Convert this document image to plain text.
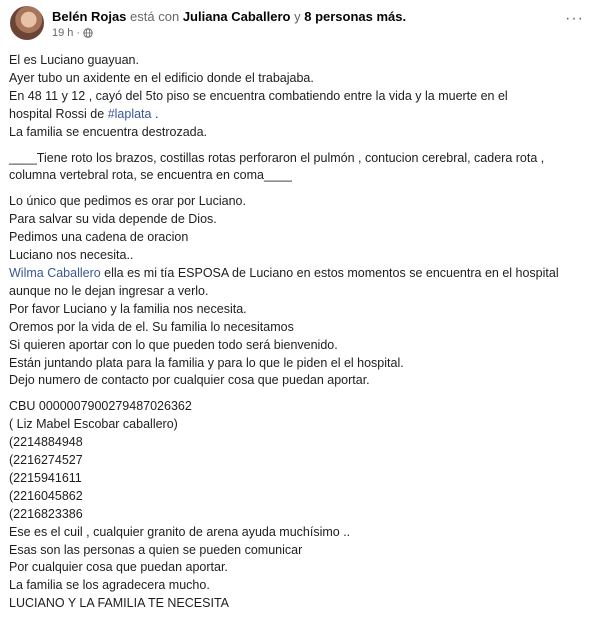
Belén Rojas está con Juliana Caballero y 8 personas más.
19 h ·
···

El es Luciano guayuan.

Ayer tubo un axidente en el edificio donde el trabajaba.

En 48 11 y 12 , cayó del 5to piso se encuentra combatiendo entre la vida y la muerte en el

hospital Rossi de #laplata .

La familia se encuentra destrozada.

____Tiene roto los brazos, costillas rotas perforaron el pulmón , contucion cerebral, cadera rota ,

columna vertebral rota, se encuentra en coma____

Lo único que pedimos es orar por Luciano.

Para salvar su vida depende de Dios.

Pedimos una cadena de oracion

Luciano nos necesita..

Wilma Caballero ella es mi tía ESPOSA de Luciano en estos momentos se encuentra en el hospital

aunque no le dejan ingresar a verlo.

Por favor Luciano y la familia nos necesita.

Oremos por la vida de el. Su familia lo necesitamos

Si quieren aportar con lo que pueden todo será bienvenido.

Están juntando plata para la familia y para lo que le piden el el hospital.

Dejo numero de contacto por cualquier cosa que puedan aportar.

CBU 0000007900279487026362

( Liz Mabel Escobar caballero)

(2214884948

(2216274527

(2215941611

(2216045862

(2216823386

Ese es el cuil , cualquier granito de arena ayuda muchísimo ..

Esas son las personas a quien se pueden comunicar

Por cualquier cosa que puedan aportar.

La familia se los agradecera mucho.

LUCIANO Y LA FAMILIA TE NECESITA
